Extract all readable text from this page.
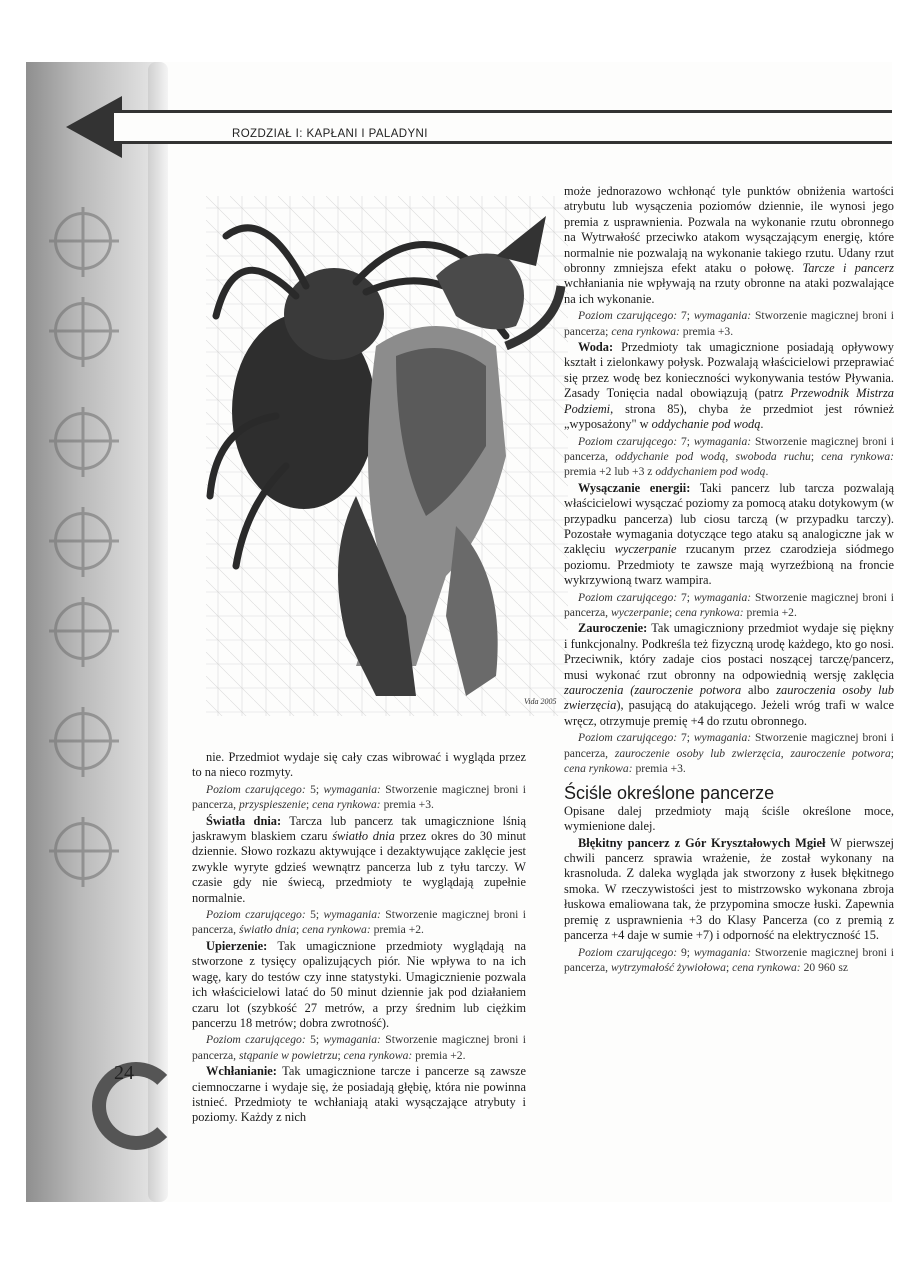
ROZDZIAŁ I: KAPŁANI I PALADYNI
Vida 2005

nie. Przedmiot wydaje się cały czas wibrować i wygląda przez to na nieco rozmyty.

Poziom czarującego: 5; wymagania: Stworzenie magicznej broni i pancerza, przyspieszenie; cena rynkowa: premia +3.

Światła dnia: Tarcza lub pancerz tak umagicznione lśnią jaskrawym blaskiem czaru światło dnia przez okres do 30 minut dziennie. Słowo rozkazu aktywujące i dezaktywujące zaklęcie jest zwykle wyryte gdzieś wewnątrz pancerza lub z tyłu tarczy. W czasie gdy nie świecą, przedmioty te wyglądają zupełnie normalnie.

Poziom czarującego: 5; wymagania: Stworzenie magicznej broni i pancerza, światło dnia; cena rynkowa: premia +2.

Upierzenie: Tak umagicznione przedmioty wyglądają na stworzone z tysięcy opalizujących piór. Nie wpływa to na ich wagę, kary do testów czy inne statystyki. Umagicznienie pozwala ich właścicielowi latać do 50 minut dziennie jak pod działaniem czaru lot (szybkość 27 metrów, a przy średnim lub ciężkim pancerzu 18 metrów; dobra zwrotność).

Poziom czarującego: 5; wymagania: Stworzenie magicznej broni i pancerza, stąpanie w powietrzu; cena rynkowa: premia +2.

Wchłanianie: Tak umagicznione tarcze i pancerze są zawsze ciemnoczarne i wydaje się, że posiadają głębię, która nie powinna istnieć. Przedmioty te wchłaniają ataki wysączające atrybuty i poziomy. Każdy z nich

może jednorazowo wchłonąć tyle punktów obniżenia wartości atrybutu lub wysączenia poziomów dziennie, ile wynosi jego premia z usprawnienia. Pozwala na wykonanie rzutu obronnego na Wytrwałość przeciwko atakom wysączającym energię, które normalnie nie pozwalają na wykonanie takiego rzutu. Udany rzut obronny zmniejsza efekt ataku o połowę. Tarcze i pancerz wchłaniania nie wpływają na rzuty obronne na ataki pozwalające na ich wykonanie.

Poziom czarującego: 7; wymagania: Stworzenie magicznej broni i pancerza; cena rynkowa: premia +3.

Woda: Przedmioty tak umagicznione posiadają opływowy kształt i zielonkawy połysk. Pozwalają właścicielowi przeprawiać się przez wodę bez konieczności wykonywania testów Pływania. Zasady Tonięcia nadal obowiązują (patrz Przewodnik Mistrza Podziemi, strona 85), chyba że przedmiot jest również „wyposażony" w oddychanie pod wodą.

Poziom czarującego: 7; wymagania: Stworzenie magicznej broni i pancerza, oddychanie pod wodą, swoboda ruchu; cena rynkowa: premia +2 lub +3 z oddychaniem pod wodą.

Wysączanie energii: Taki pancerz lub tarcza pozwalają właścicielowi wysączać poziomy za pomocą ataku dotykowym (w przypadku pancerza) lub ciosu tarczą (w przypadku tarczy). Pozostałe wymagania dotyczące tego ataku są analogiczne jak w zaklęciu wyczerpanie rzucanym przez czarodzieja siódmego poziomu. Przedmioty te zawsze mają wyrzeźbioną na froncie wykrzywioną twarz wampira.

Poziom czarującego: 7; wymagania: Stworzenie magicznej broni i pancerza, wyczerpanie; cena rynkowa: premia +2.

Zauroczenie: Tak umagiczniony przedmiot wydaje się piękny i funkcjonalny. Podkreśla też fizyczną urodę każdego, kto go nosi. Przeciwnik, który zadaje cios postaci noszącej tarczę/pancerz, musi wykonać rzut obronny na odpowiednią wersję zaklęcia zauroczenia (zauroczenie potwora albo zauroczenia osoby lub zwierzęcia), pasującą do atakującego. Jeżeli wróg trafi w walce wręcz, otrzymuje premię +4 do rzutu obronnego.

Poziom czarującego: 7; wymagania: Stworzenie magicznej broni i pancerza, zauroczenie osoby lub zwierzęcia, zauroczenie potwora; cena rynkowa: premia +3.

Ściśle określone pancerze

Opisane dalej przedmioty mają ściśle określone moce, wymienione dalej.

Błękitny pancerz z Gór Kryształowych Mgieł W pierwszej chwili pancerz sprawia wrażenie, że został wykonany na krasnoluda. Z daleka wygląda jak stworzony z łusek błękitnego smoka. W rzeczywistości jest to mistrzowsko wykonana zbroja łuskowa emaliowana tak, że przypomina smocze łuski. Zapewnia premię z usprawnienia +3 do Klasy Pancerza (co z premią z pancerza +4 daje w sumie +7) i odporność na elektryczność 15.

Poziom czarującego: 9; wymagania: Stworzenie magicznej broni i pancerza, wytrzymałość żywiołowa; cena rynkowa: 20 960 sz

24
